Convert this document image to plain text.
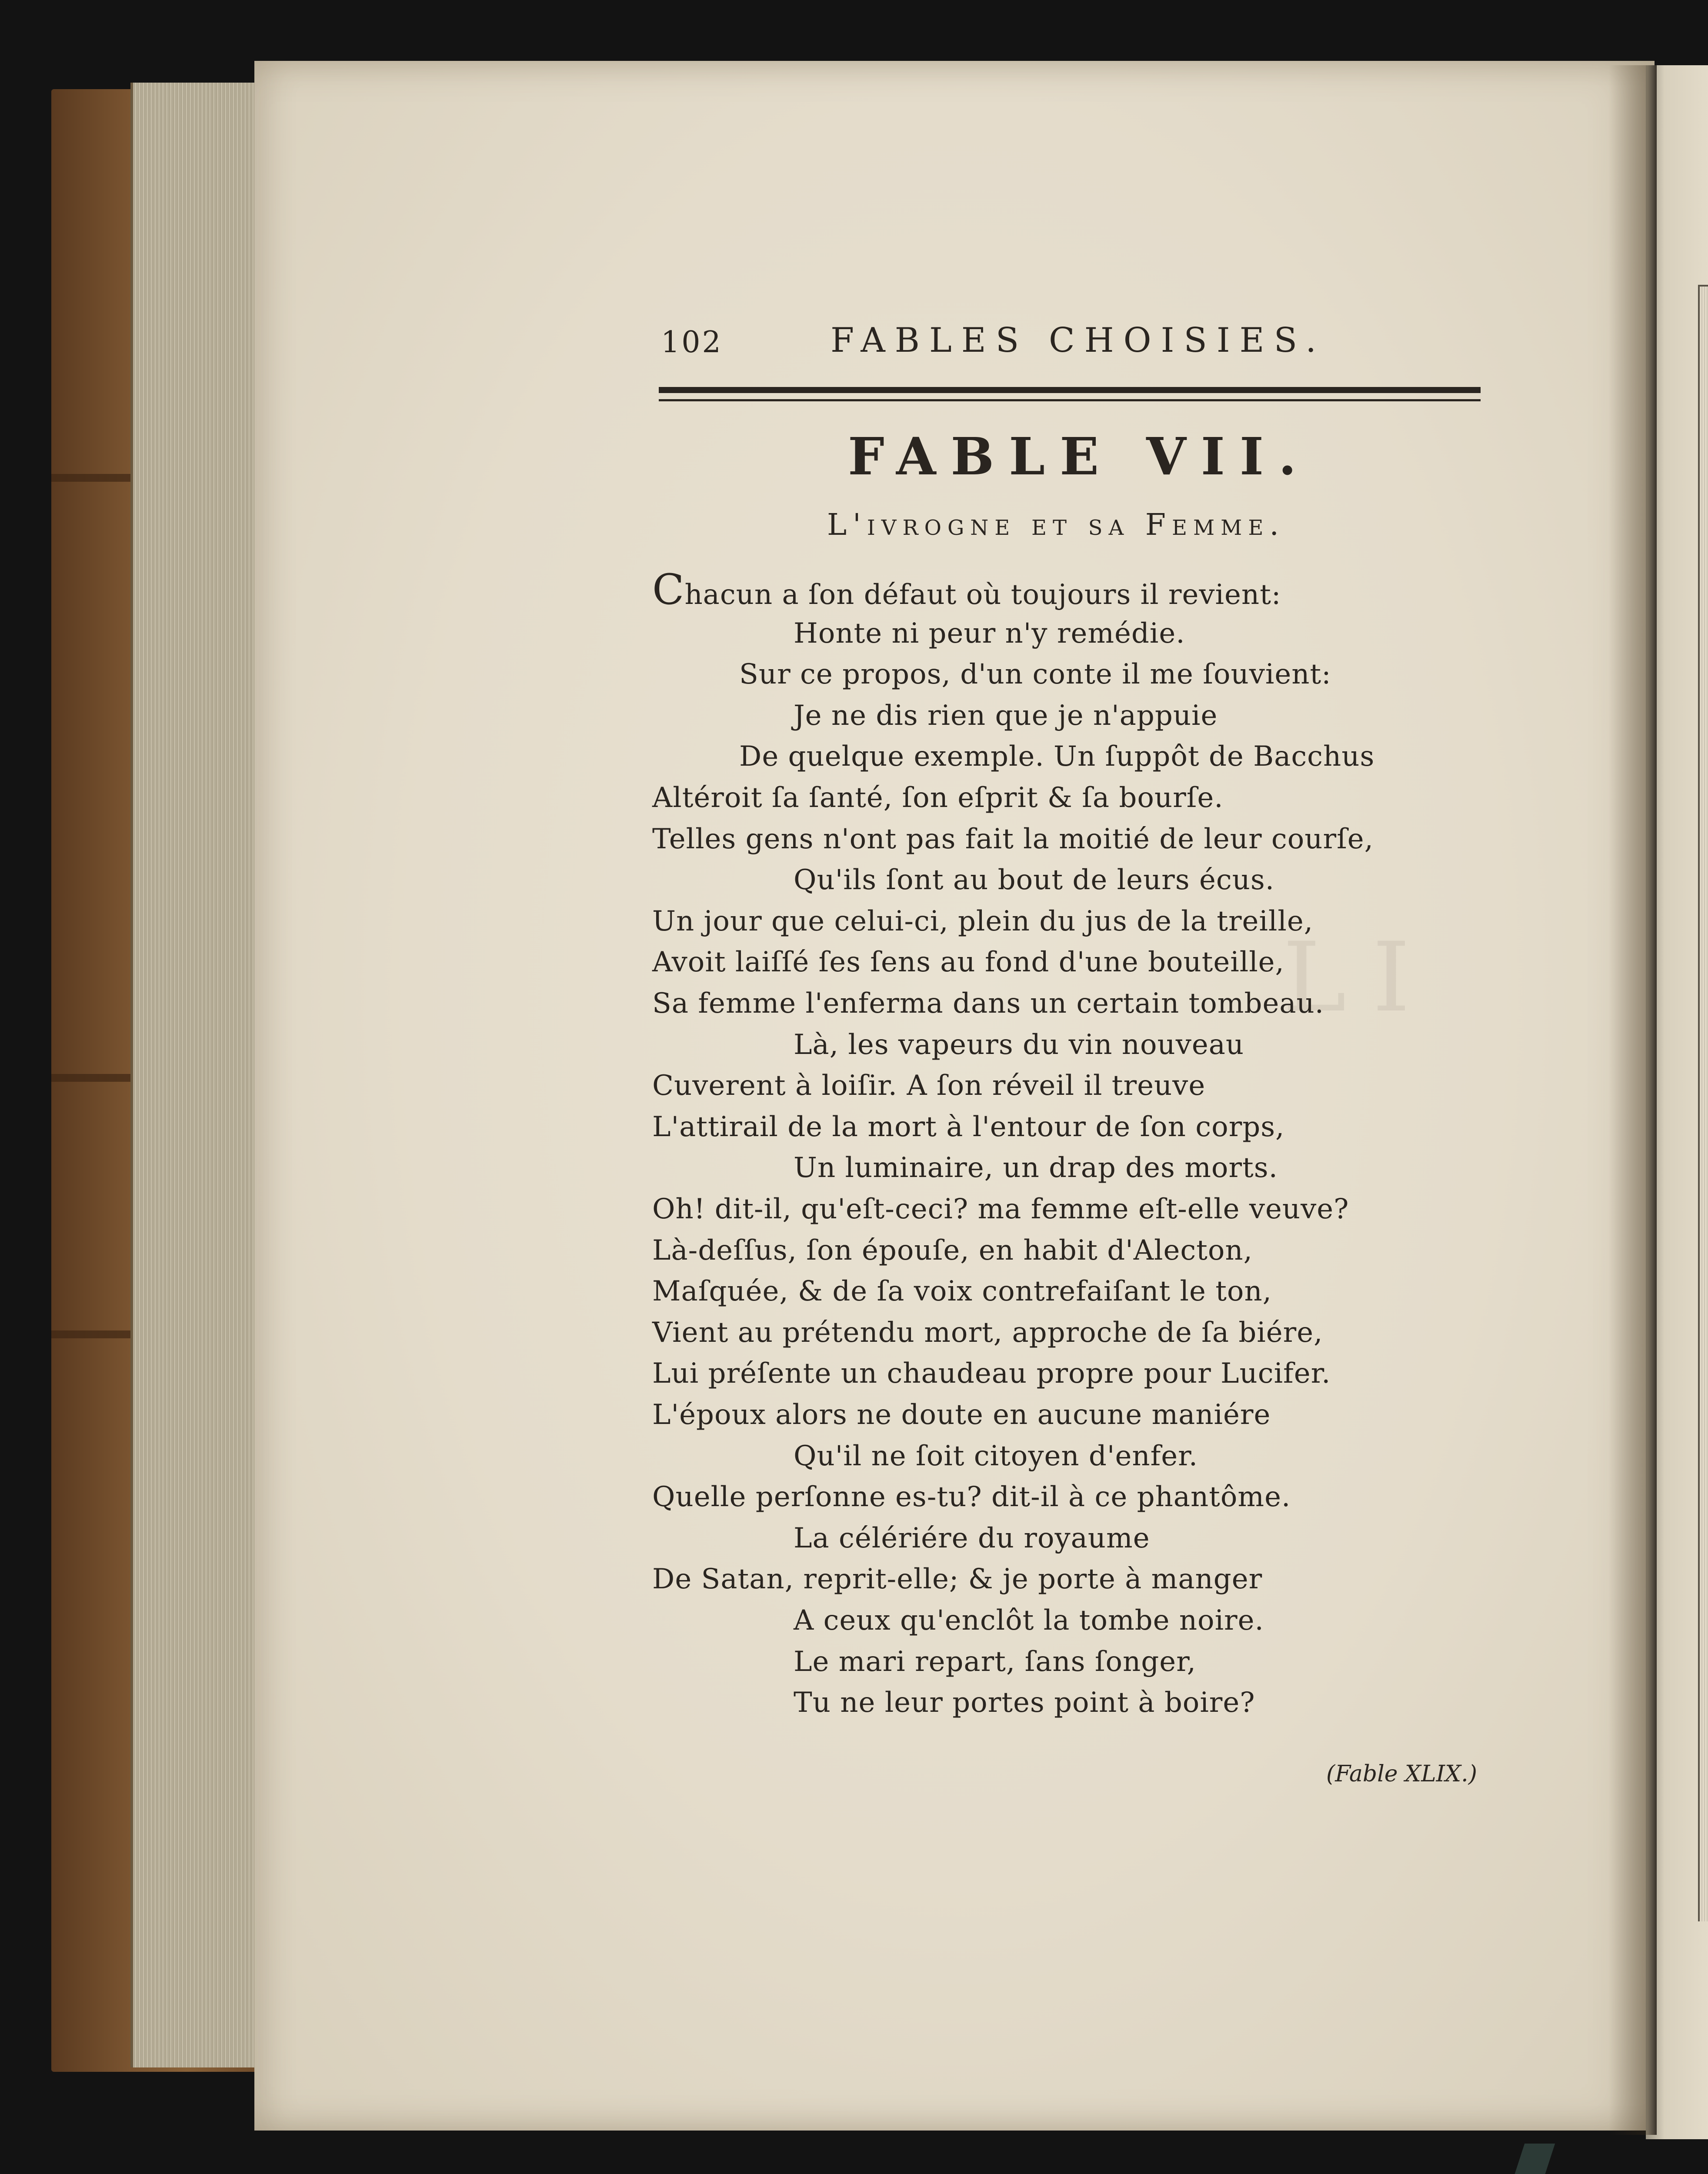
LI
102	FABLES CHOISIES.
FABLE VII.
L'ivrogne et sa Femme.
Chacun a ſon défaut où toujours il revient:
Honte ni peur n'y remédie.
Sur ce propos, d'un conte il me ſouvient:
Je ne dis rien que je n'appuie
De quelque exemple. Un ſuppôt de Bacchus
Altéroit ſa ſanté, ſon eſprit & ſa bourſe.
Telles gens n'ont pas fait la moitié de leur courſe,
Qu'ils ſont au bout de leurs écus.
Un jour que celui-ci, plein du jus de la treille,
Avoit laiſſé ſes ſens au fond d'une bouteille,
Sa femme l'enferma dans un certain tombeau.
Là, les vapeurs du vin nouveau
Cuverent à loiſir. A ſon réveil il treuve
L'attirail de la mort à l'entour de ſon corps,
Un luminaire, un drap des morts.
Oh! dit-il, qu'eſt-ceci? ma femme eſt-elle veuve?
Là-deſſus, ſon épouſe, en habit d'Alecton,
Maſquée, & de ſa voix contrefaiſant le ton,
Vient au prétendu mort, approche de ſa biére,
Lui préſente un chaudeau propre pour Lucifer.
L'époux alors ne doute en aucune maniére
Qu'il ne ſoit citoyen d'enfer.
Quelle perſonne es-tu? dit-il à ce phantôme.
La célériére du royaume
De Satan, reprit-elle; & je porte à manger
A ceux qu'enclôt la tombe noire.
Le mari repart, ſans ſonger,
Tu ne leur portes point à boire?
(Fable XLIX.)
